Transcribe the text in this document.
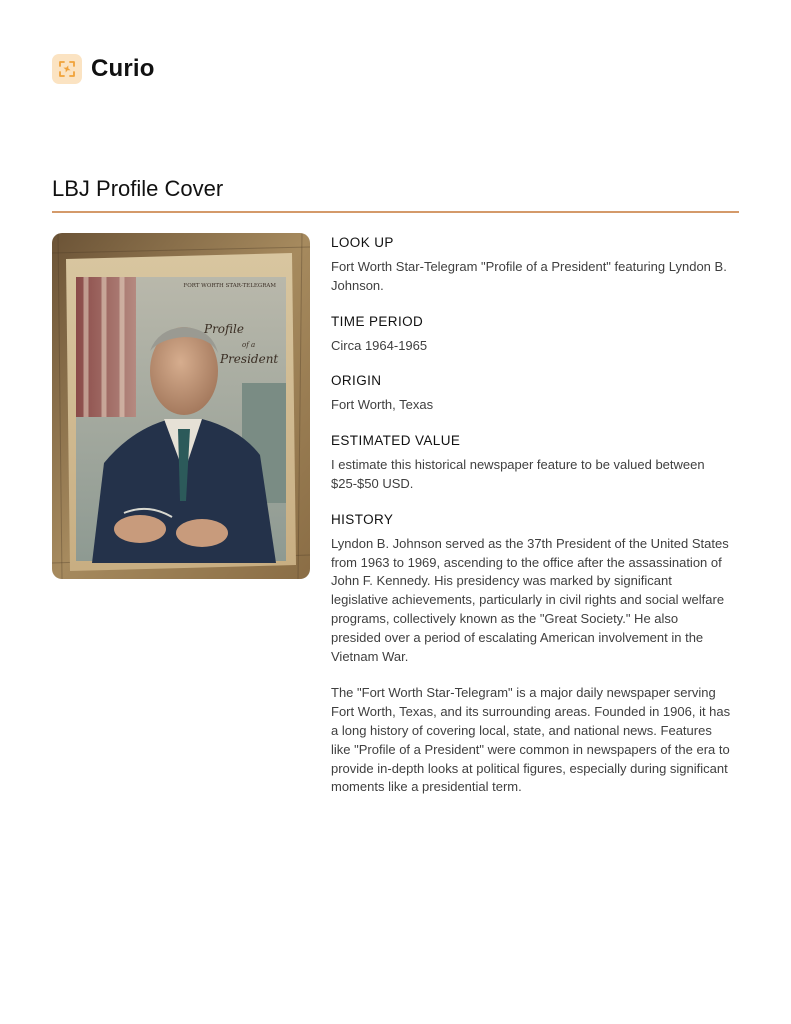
Curio
LBJ Profile Cover
FORT WORTH STAR-TELEGRAM
Profile
of a
President
LOOK UP
Fort Worth Star-Telegram "Profile of a President" featuring Lyndon B. Johnson.
TIME PERIOD
Circa 1964-1965
ORIGIN
Fort Worth, Texas
ESTIMATED VALUE
I estimate this historical newspaper feature to be valued between $25-$50 USD.
HISTORY
Lyndon B. Johnson served as the 37th President of the United States from 1963 to 1969, ascending to the office after the assassination of John F. Kennedy. His presidency was marked by significant legislative achievements, particularly in civil rights and social welfare programs, collectively known as the "Great Society." He also presided over a period of escalating American involvement in the Vietnam War.
The "Fort Worth Star-Telegram" is a major daily newspaper serving Fort Worth, Texas, and its surrounding areas. Founded in 1906, it has a long history of covering local, state, and national news. Features like "Profile of a President" were common in newspapers of the era to provide in-depth looks at political figures, especially during significant moments like a presidential term.
